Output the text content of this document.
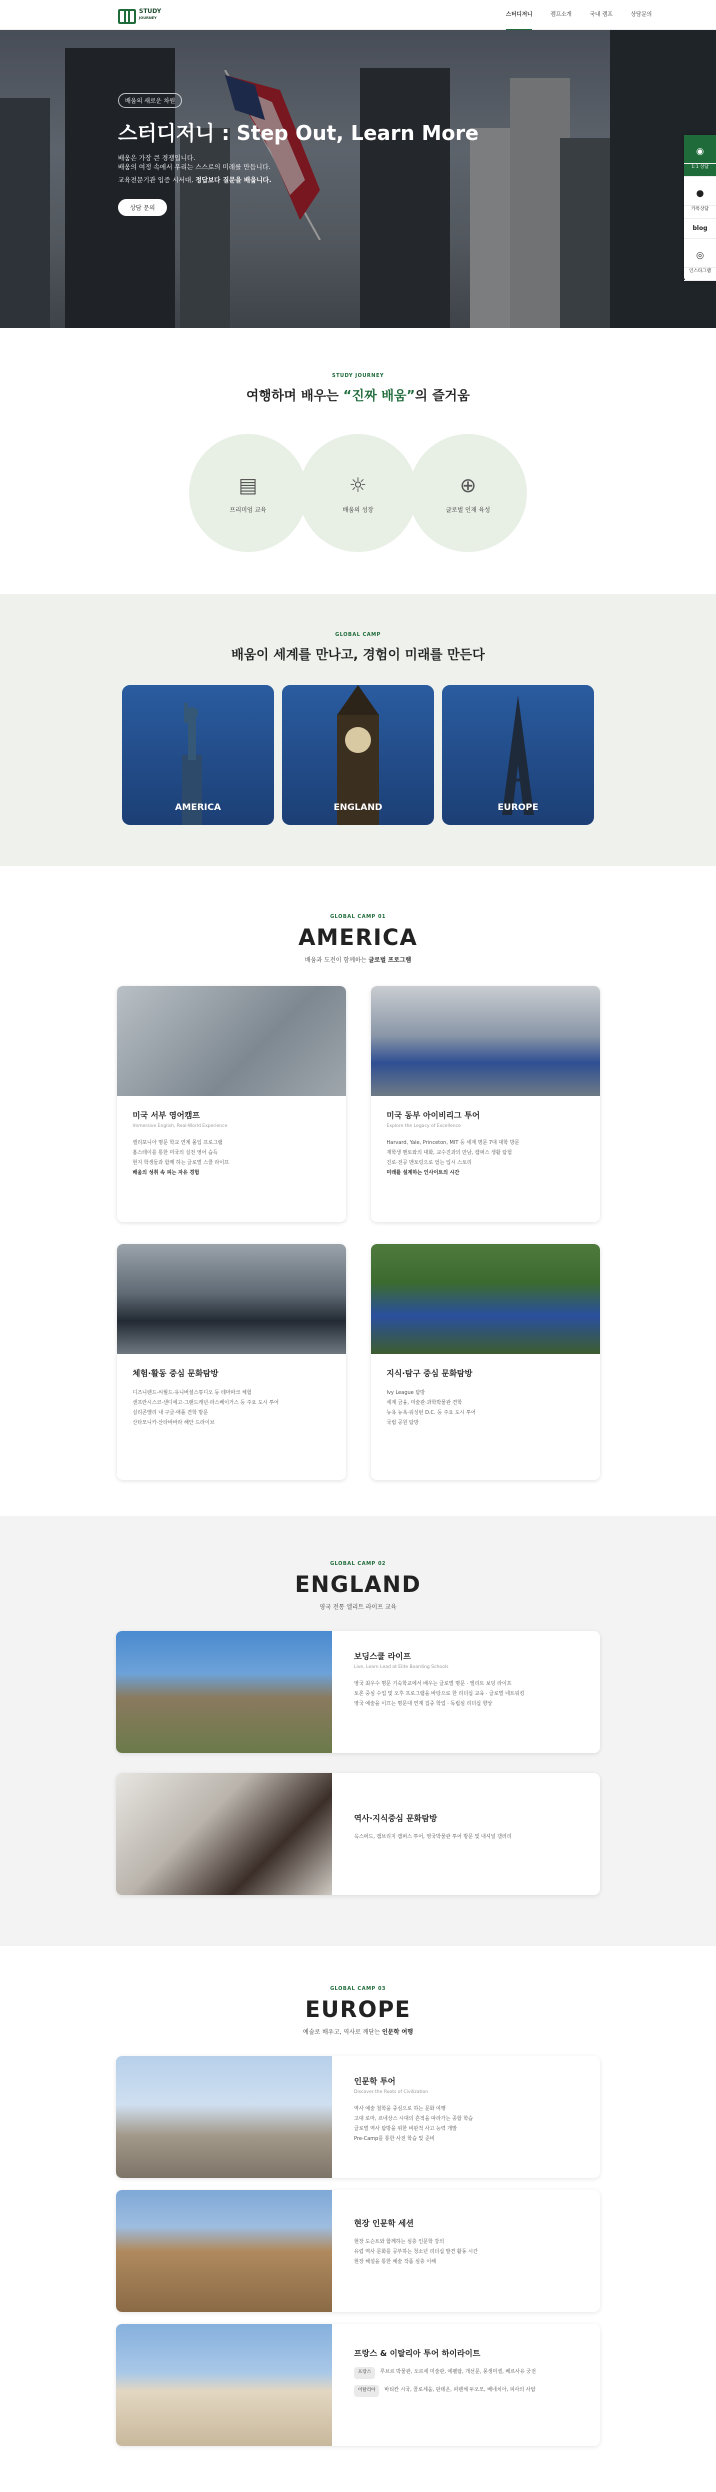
STUDY
JOURNEY	스터디저니	캠프소개	국내 캠프	상담문의
배움의 새로운 차원
스터디저니 : Step Out, Learn More

배움은 가장 큰 경쟁입니다.

배움의 여정 속에서 우리는 스스로의 미래를 만듭니다.

교육전문기관 입증 시서대, 정답보다 질문을 배웁니다.

상담 문의
◉
1:1 상담
●
카톡상담
blog
◎
인스타그램
STUDY JOURNEY
여행하며 배우는 “진짜 배움”의 즐거움
▤
프리미엄 교육
☼
배움의 성장
⊕
글로벌 인재 육성
GLOBAL CAMP
배움이 세계를 만나고, 경험이 미래를 만든다
AMERICA	ENGLAND	EUROPE
GLOBAL CAMP 01
AMERICA
배움과 도전이 함께하는 글로벌 프로그램
미국 서부 영어캠프
Immersive English, Real-World Experience
캘리포니아 명문 학교 연계 몰입 프로그램
홈스테이를 통한 미국의 실전 영어 습득
현지 학생들과 함께 하는 글로벌 스쿨 라이프
배움의 성취 속 피는 자유 경험
미국 동부 아이비리그 투어
Explore the Legacy of Excellence
Harvard, Yale, Princeton, MIT 등 세계 명문 7대 대학 방문
재학생 멘토와의 대화, 교수진과의 만남, 캠퍼스 생활 탐험
진로·전공 멘토링으로 얻는 입시 스토리
미래를 설계하는 인사이트의 시간
체험·활동 중심 문화탐방
디즈니랜드·씨월드·유니버셜스튜디오 등 테마파크 체험
샌프란시스코·샌디에고·그랜드캐년·라스베이거스 등 주요 도시 투어
실리콘밸리 내 구글·애플 견학 방문
산타모니카·산타바바라 해안 드라이브
지식·탐구 중심 문화탐방
Ivy League 탐방
세계 금융, 미술관·과학박물관 견학
뉴욕 뉴욕·워싱턴 D.C. 등 주요 도시 투어
국립 공원 탐방
GLOBAL CAMP 02
ENGLAND
영국 전통 엘리트 라이프 교육
보딩스쿨 라이프
Live, Learn Lead at Elite Boarding Schools
영국 최우수 명문 기숙학교에서 배우는 글로벌 명문 · 엘리트 보딩 라이프
토론 중심 수업 및 오후 프로그램을 바탕으로 한 리더십 교육 · 글로벌 네트워킹
영국 예술을 이끄는 명문대 연계 집중 학업 · 독립심 리더십 향상
역사·지식중심 문화탐방
옥스퍼드, 캠브리지 캠퍼스 투어, 영국박물관 투어 방문 및 내셔널 갤러리
GLOBAL CAMP 03
EUROPE
예술로 배우고, 역사로 깨닫는 인문학 여행
인문학 투어
Discover the Roots of Civilization
역사 예술 철학을 중심으로 하는 문화 여행
고대 로마, 르네상스 시대의 흔적을 따라가는 종합 학습
글로벌 역사 탐방을 위한 비판적 사고 능력 개발
Pre-Camp를 통한 사전 학습 및 준비
현장 인문학 세션
현장 도슨트와 함께하는 심층 인문학 강의
유럽 역사 문화를 공부하는 청소년 리더십 발견 활동 시간
현장 해설을 통한 예술 작품 심층 이해
프랑스 & 이탈리아 투어 하이라이트
프랑스	루브르 박물관, 오르세 미술관, 에펠탑, 개선문, 몽생미셸, 베르사유 궁전
이탈리아	바티칸 시국, 콜로세움, 판테온, 피렌체 두오모, 베네치아, 피사의 사탑
